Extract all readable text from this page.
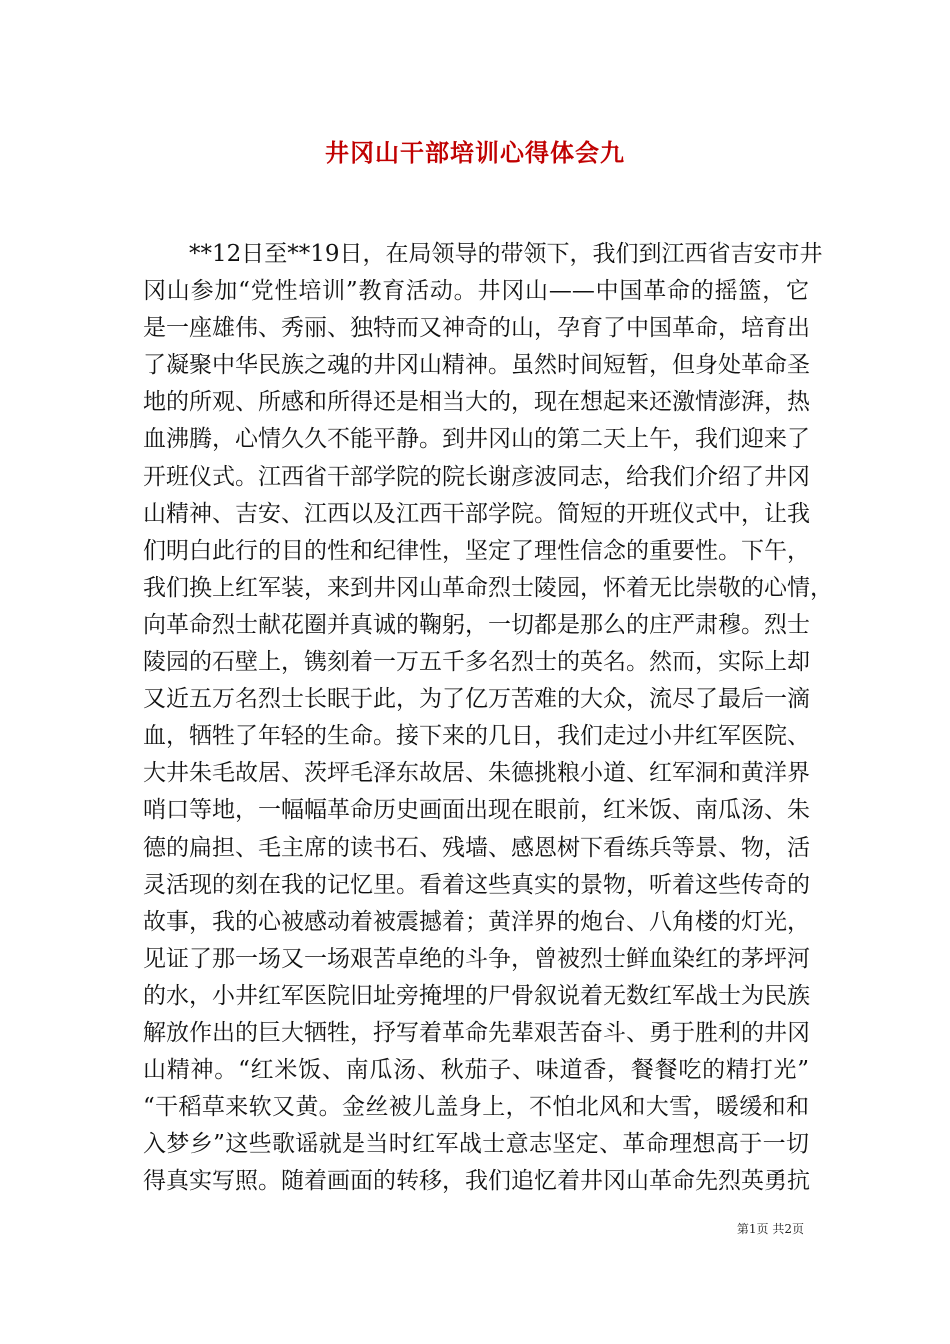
井冈山干部培训心得体会九
　　**12日至**19日，在局领导的带领下，我们到江西省吉安市井
冈山参加“党性培训”教育活动。井冈山——中国革命的摇篮，它
是一座雄伟、秀丽、独特而又神奇的山，孕育了中国革命，培育出
了凝聚中华民族之魂的井冈山精神。虽然时间短暂，但身处革命圣
地的所观、所感和所得还是相当大的，现在想起来还激情澎湃，热
血沸腾，心情久久不能平静。到井冈山的第二天上午，我们迎来了
开班仪式。江西省干部学院的院长谢彦波同志，给我们介绍了井冈
山精神、吉安、江西以及江西干部学院。简短的开班仪式中，让我
们明白此行的目的性和纪律性，坚定了理性信念的重要性。下午，
我们换上红军装，来到井冈山革命烈士陵园，怀着无比崇敬的心情，
向革命烈士献花圈并真诚的鞠躬，一切都是那么的庄严肃穆。烈士
陵园的石壁上，镌刻着一万五千多名烈士的英名。然而，实际上却
又近五万名烈士长眠于此，为了亿万苦难的大众，流尽了最后一滴
血，牺牲了年轻的生命。接下来的几日，我们走过小井红军医院、
大井朱毛故居、茨坪毛泽东故居、朱德挑粮小道、红军洞和黄洋界
哨口等地，一幅幅革命历史画面出现在眼前，红米饭、南瓜汤、朱
德的扁担、毛主席的读书石、残墙、感恩树下看练兵等景、物，活
灵活现的刻在我的记忆里。看着这些真实的景物，听着这些传奇的
故事，我的心被感动着被震撼着；黄洋界的炮台、八角楼的灯光，
见证了那一场又一场艰苦卓绝的斗争，曾被烈士鲜血染红的茅坪河
的水，小井红军医院旧址旁掩埋的尸骨叙说着无数红军战士为民族
解放作出的巨大牺牲，抒写着革命先辈艰苦奋斗、勇于胜利的井冈
山精神。“红米饭、南瓜汤、秋茄子、味道香，餐餐吃的精打光”
“干稻草来软又黄。金丝被儿盖身上，不怕北风和大雪，暖缓和和
入梦乡”这些歌谣就是当时红军战士意志坚定、革命理想高于一切
得真实写照。随着画面的转移，我们追忆着井冈山革命先烈英勇抗
第1页 共2页
